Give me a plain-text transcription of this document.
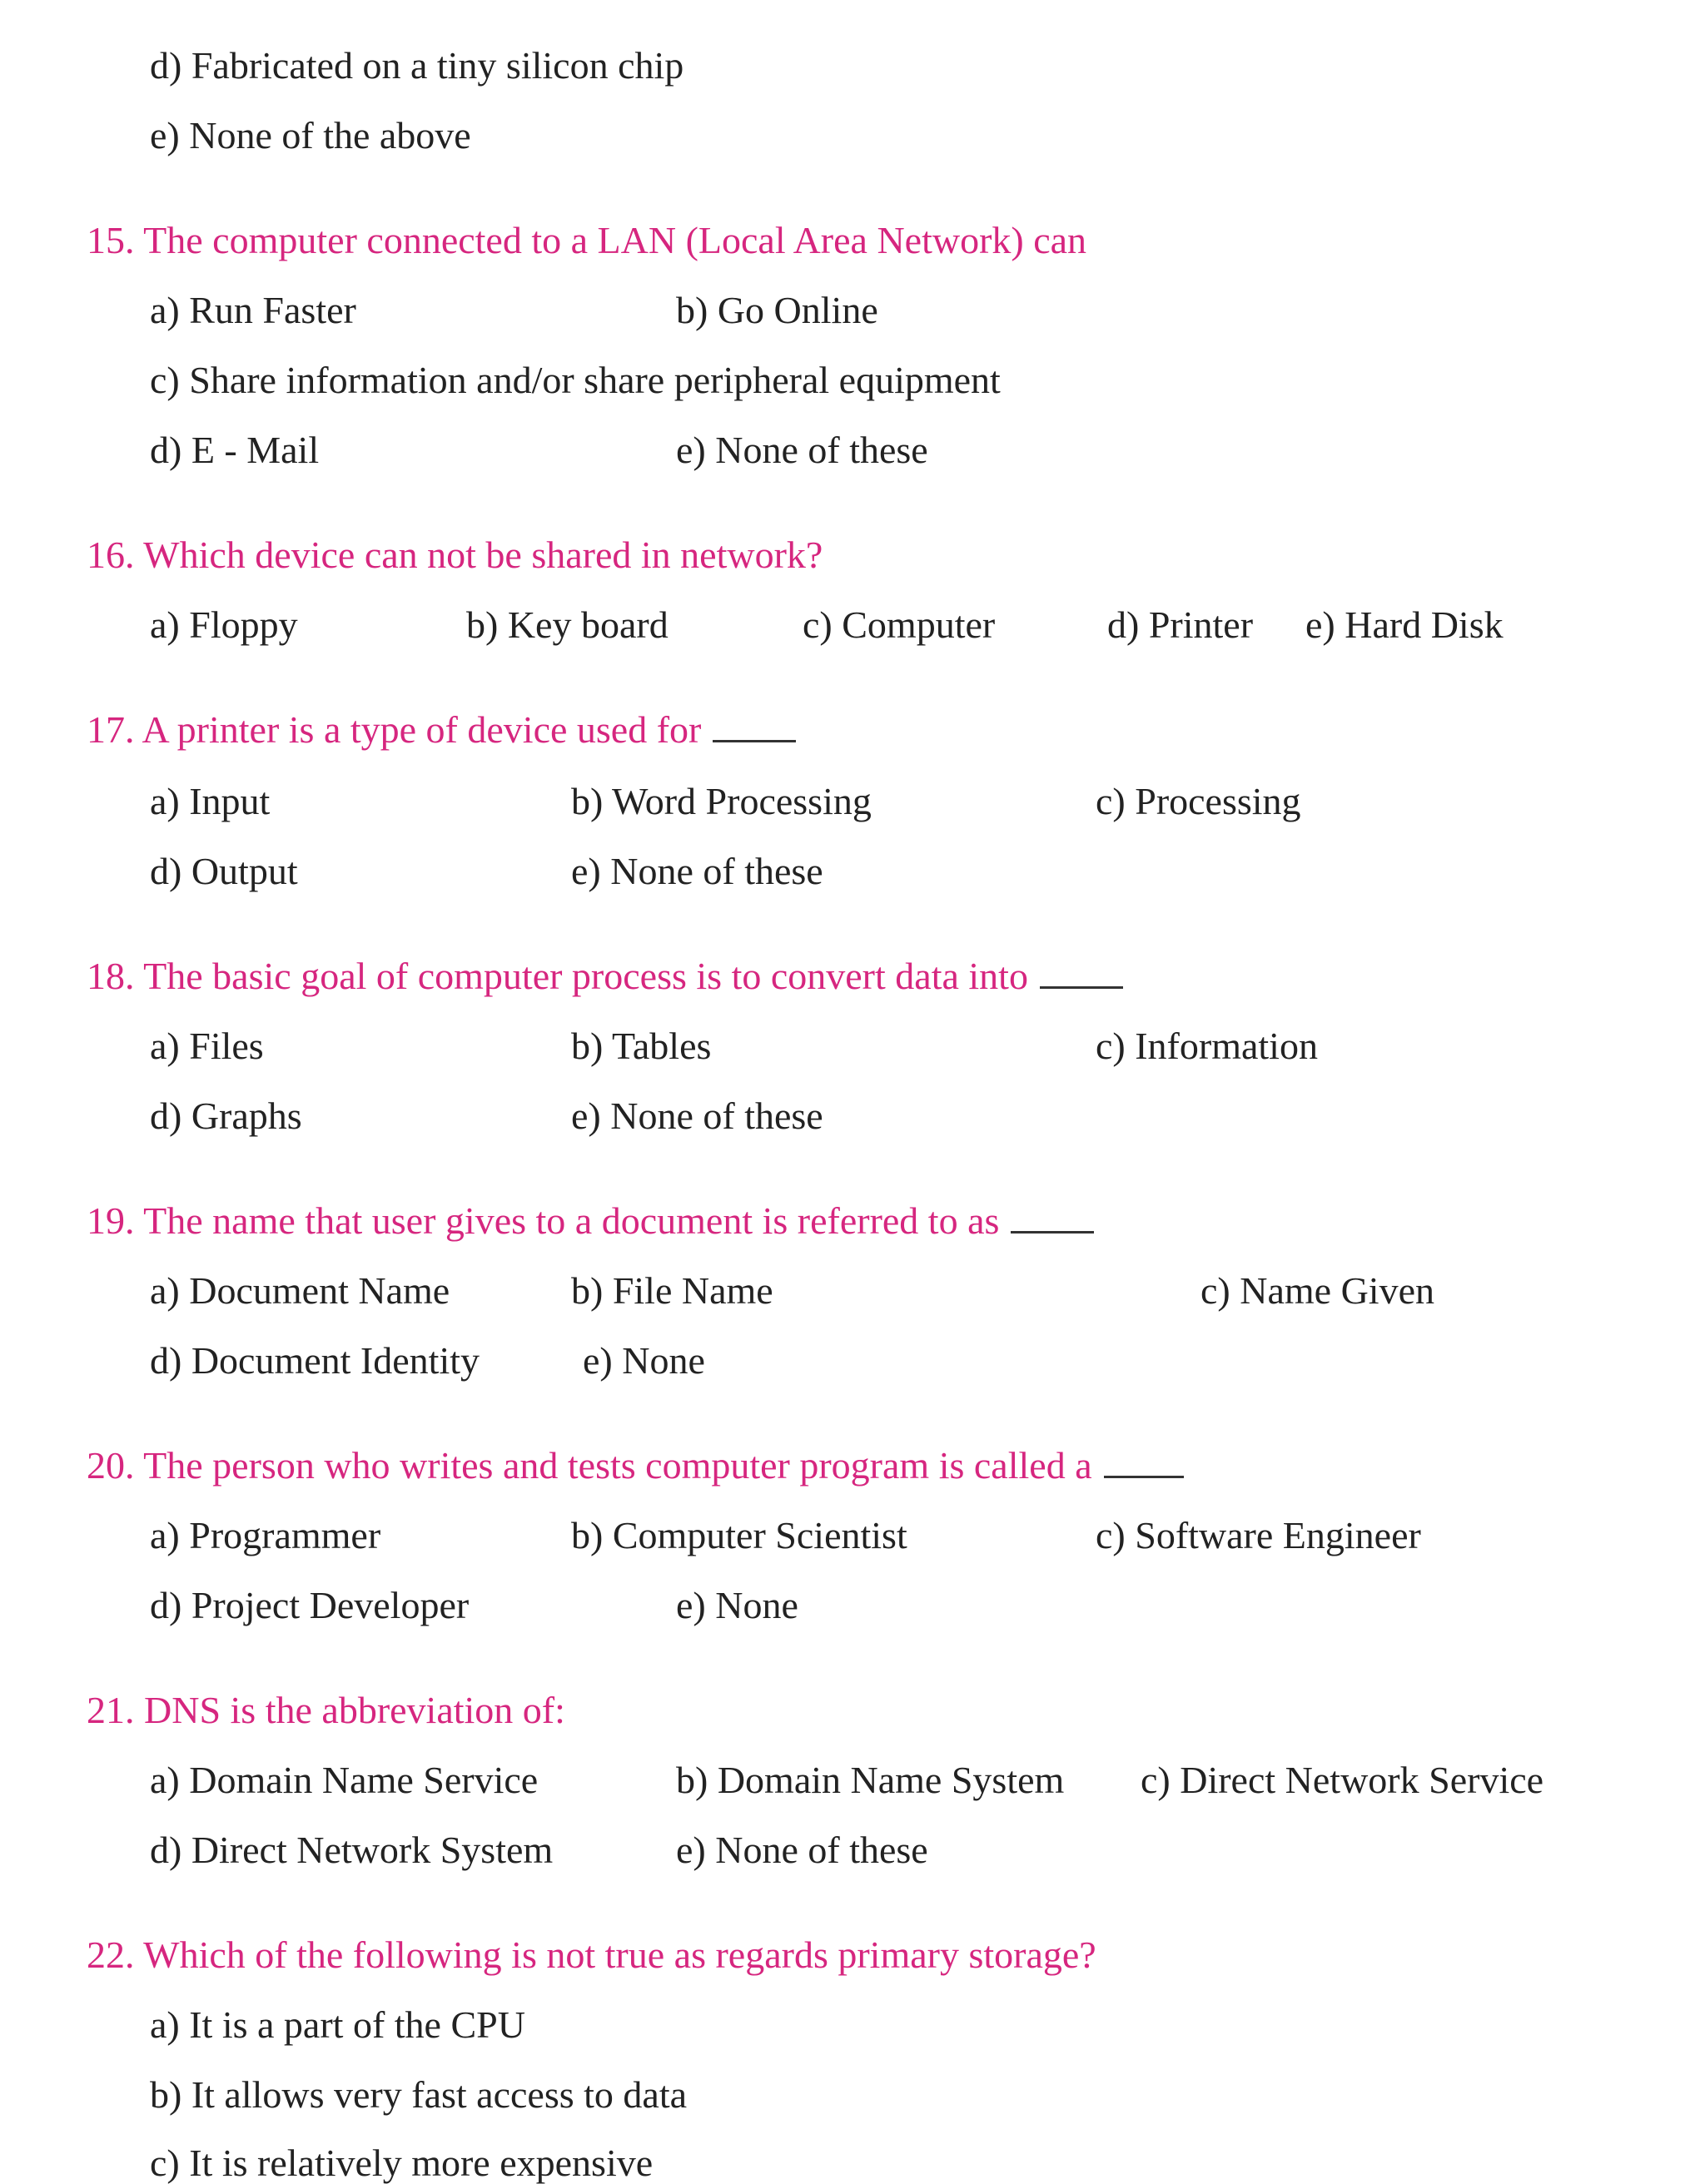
d) Fabricated on a tiny silicon chip
e) None of the above
15. The computer connected to a LAN (Local Area Network) can
a) Run Faster	b) Go Online
c) Share information and/or share peripheral equipment
d) E - Mail	e) None of these
16. Which device can not be shared in network?
a) Floppy	b) Key board	c) Computer	d) Printer e) Hard Disk
17. A printer is a type of device used for
a) Input	b) Word Processing	c) Processing
d) Output	e) None of these
18. The basic goal of computer process is to convert data into
a) Files	b) Tables	c) Information
d) Graphs	e) None of these
19. The name that user gives to a document is referred to as
a) Document Name	b) File Name	c) Name Given
d) Document Identity	e) None
20. The person who writes and tests computer program is called a
a) Programmer	b) Computer Scientist	c) Software Engineer
d) Project Developer	e) None
21. DNS is the abbreviation of:
a) Domain Name Service	b) Domain Name System c) Direct Network Service
d) Direct Network System	e) None of these
22. Which of the following is not true as regards primary storage?
a) It is a part of the CPU
b) It allows very fast access to data
c) It is relatively more expensive
